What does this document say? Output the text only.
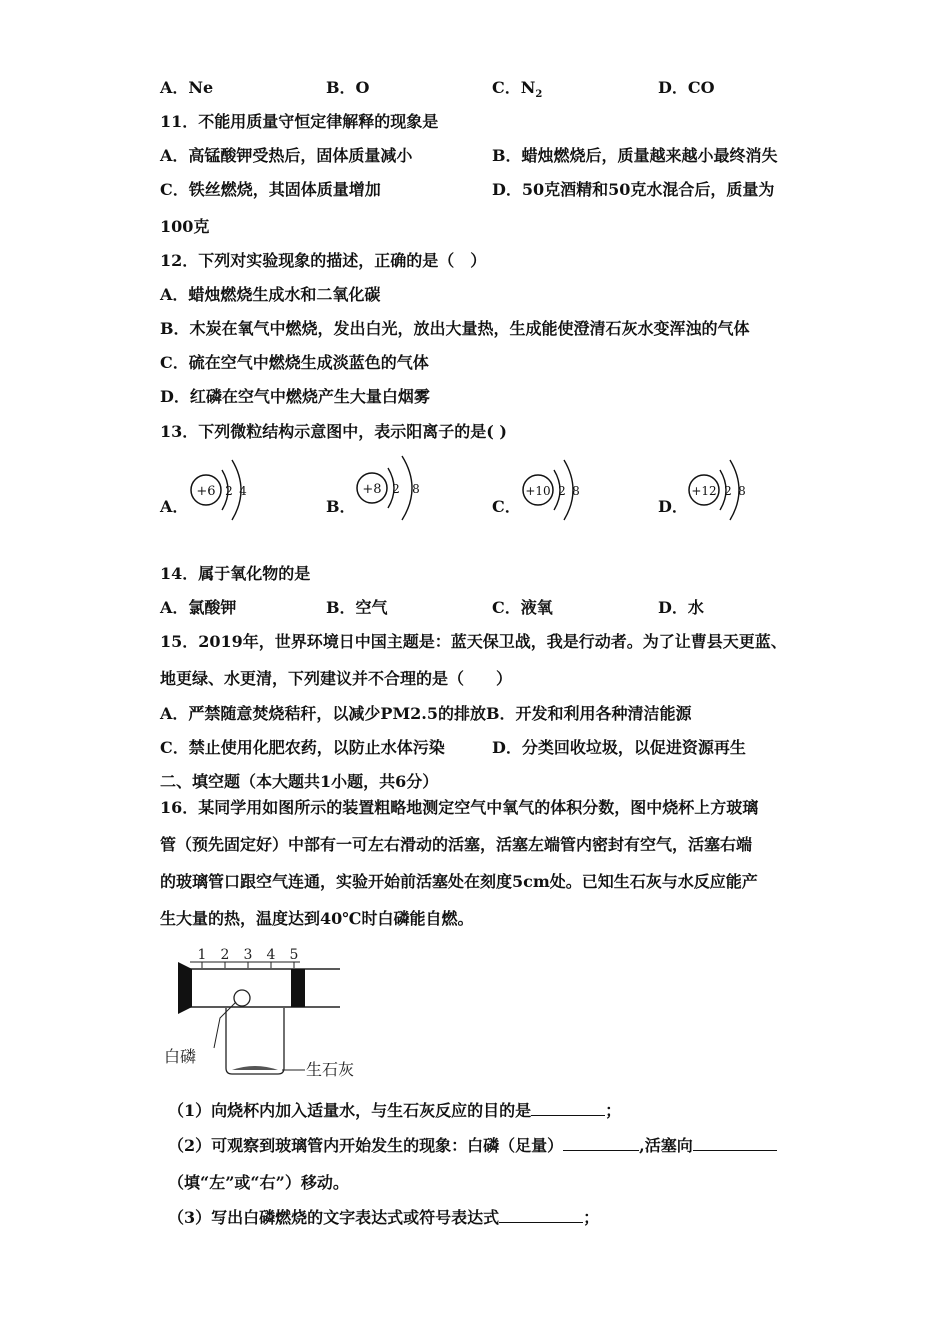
A．Ne	B．O	C．$N_2$	D．CO
11．不能用质量守恒定律解释的现象是
A．高锰酸钾受热后，固体质量减小	B．蜡烛燃烧后，质量越来越小最终消失
C．铁丝燃烧，其固体质量增加	D．50克酒精和50克水混合后，质量为
100克
12．下列对实验现象的描述，正确的是（　）
A．蜡烛燃烧生成水和二氧化碳
B．木炭在氧气中燃烧，发出白光，放出大量热，生成能使澄清石灰水变浑浊的气体
C．硫在空气中燃烧生成淡蓝色的气体
D．红磷在空气中燃烧产生大量白烟雾
13．下列微粒结构示意图中，表示阳离子的是( )
A．
+6 2 4
B．
+8 2 8
C．
+10 2 8
D．
+12 2 8
14．属于氧化物的是
A．氯酸钾	B．空气	C．液氧	D．水
15．2019年，世界环境日中国主题是：蓝天保卫战，我是行动者。为了让曹县天更蓝、
地更绿、水更清，下列建议并不合理的是（　　）
A．严禁随意焚烧秸秆，以减少PM2.5的排放B．开发和利用各种清洁能源
C．禁止使用化肥农药，以防止水体污染	D．分类回收垃圾，以促进资源再生
二、填空题（本大题共1小题，共6分）
16．某同学用如图所示的装置粗略地测定空气中氧气的体积分数，图中烧杯上方玻璃
管（预先固定好）中部有一可左右滑动的活塞，活塞左端管内密封有空气，活塞右端
的玻璃管口跟空气连通，实验开始前活塞处在刻度5cm处。已知生石灰与水反应能产
生大量的热，温度达到40℃时白磷能自燃。
1 2 3 4 5
白磷
生石灰
（1）向烧杯内加入适量水，与生石灰反应的目的是	；
（2）可观察到玻璃管内开始发生的现象：白磷（足量）	,活塞向
（填“左”或“右”）移动。
（3）写出白磷燃烧的文字表达式或符号表达式	；
